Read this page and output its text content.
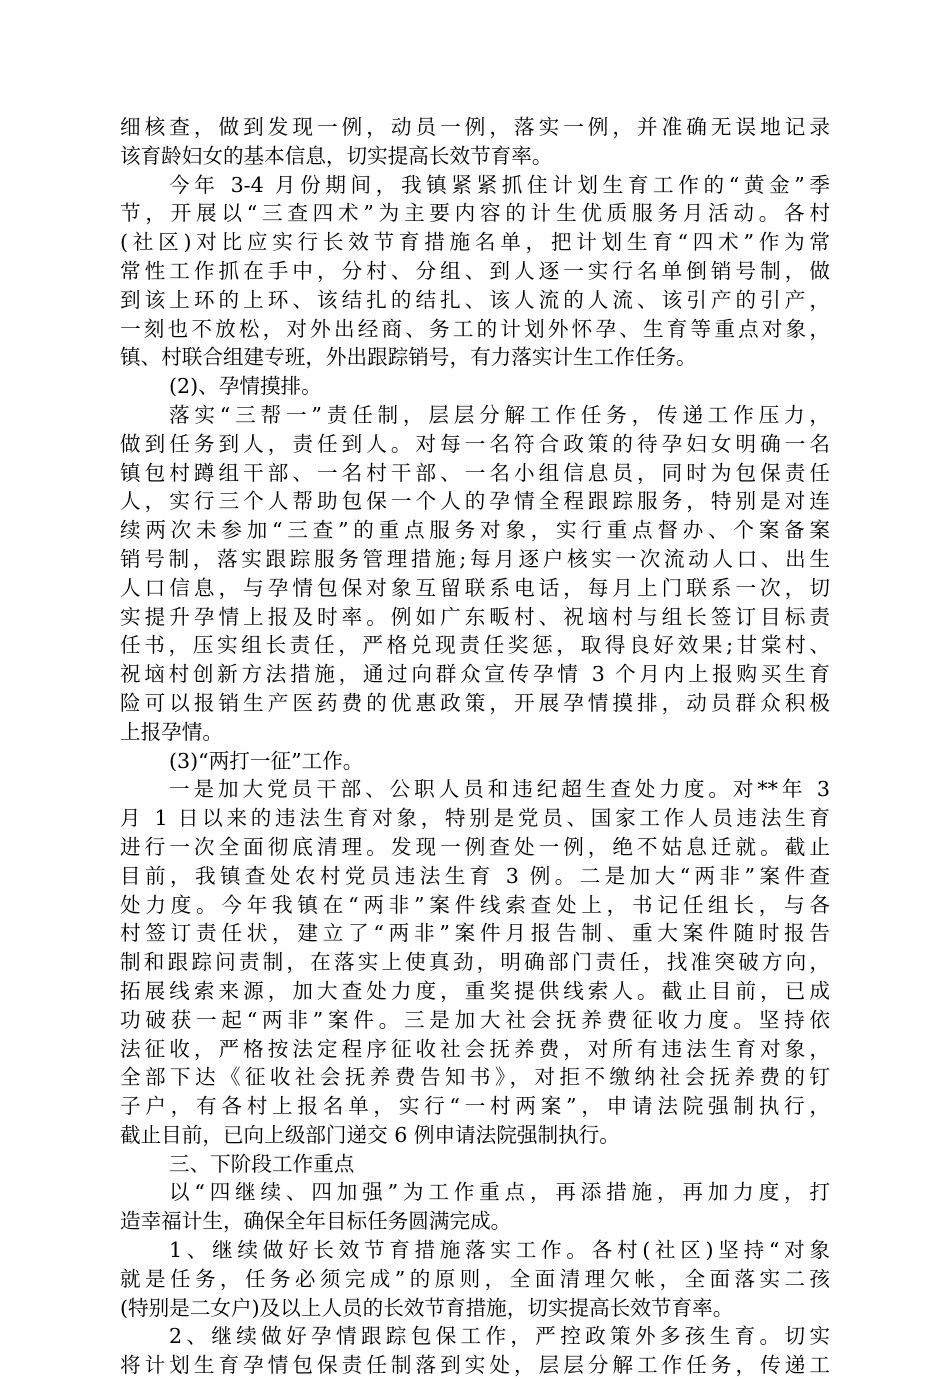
细核查，做到发现一例，动员一例，落实一例，并准确无误地记录
该育龄妇女的基本信息，切实提高长效节育率。
今年 3-4 月份期间，我镇紧紧抓住计划生育工作的“黄金”季
节，开展以“三查四术”为主要内容的计生优质服务月活动。各村
(社区)对比应实行长效节育措施名单，把计划生育“四术”作为常
常性工作抓在手中，分村、分组、到人逐一实行名单倒销号制，做
到该上环的上环、该结扎的结扎、该人流的人流、该引产的引产，
一刻也不放松，对外出经商、务工的计划外怀孕、生育等重点对象，
镇、村联合组建专班，外出跟踪销号，有力落实计生工作任务。
(2)、孕情摸排。
落实“三帮一”责任制，层层分解工作任务，传递工作压力，
做到任务到人，责任到人。对每一名符合政策的待孕妇女明确一名
镇包村蹲组干部、一名村干部、一名小组信息员，同时为包保责任
人，实行三个人帮助包保一个人的孕情全程跟踪服务，特别是对连
续两次未参加“三查”的重点服务对象，实行重点督办、个案备案
销号制，落实跟踪服务管理措施;每月逐户核实一次流动人口、出生
人口信息，与孕情包保对象互留联系电话，每月上门联系一次，切
实提升孕情上报及时率。例如广东畈村、祝垴村与组长签订目标责
任书，压实组长责任，严格兑现责任奖惩，取得良好效果;甘棠村、
祝垴村创新方法措施，通过向群众宣传孕情 3 个月内上报购买生育
险可以报销生产医药费的优惠政策，开展孕情摸排，动员群众积极
上报孕情。
(3)“两打一征”工作。
一是加大党员干部、公职人员和违纪超生查处力度。对**年 3
月 1 日以来的违法生育对象，特别是党员、国家工作人员违法生育
进行一次全面彻底清理。发现一例查处一例，绝不姑息迁就。截止
目前，我镇查处农村党员违法生育 3 例。二是加大“两非”案件查
处力度。今年我镇在“两非”案件线索查处上，书记任组长，与各
村签订责任状，建立了“两非”案件月报告制、重大案件随时报告
制和跟踪问责制，在落实上使真劲，明确部门责任，找准突破方向，
拓展线索来源，加大查处力度，重奖提供线索人。截止目前，已成
功破获一起“两非”案件。三是加大社会抚养费征收力度。坚持依
法征收，严格按法定程序征收社会抚养费，对所有违法生育对象，
全部下达《征收社会抚养费告知书》，对拒不缴纳社会抚养费的钉
子户，有各村上报名单，实行“一村两案”，申请法院强制执行，
截止目前，已向上级部门递交 6 例申请法院强制执行。
三、下阶段工作重点
以“四继续、四加强”为工作重点，再添措施，再加力度，打
造幸福计生，确保全年目标任务圆满完成。
1、继续做好长效节育措施落实工作。各村(社区)坚持“对象
就是任务，任务必须完成”的原则，全面清理欠帐，全面落实二孩
(特别是二女户)及以上人员的长效节育措施，切实提高长效节育率。
2、继续做好孕情跟踪包保工作，严控政策外多孩生育。切实
将计划生育孕情包保责任制落到实处，层层分解工作任务，传递工
